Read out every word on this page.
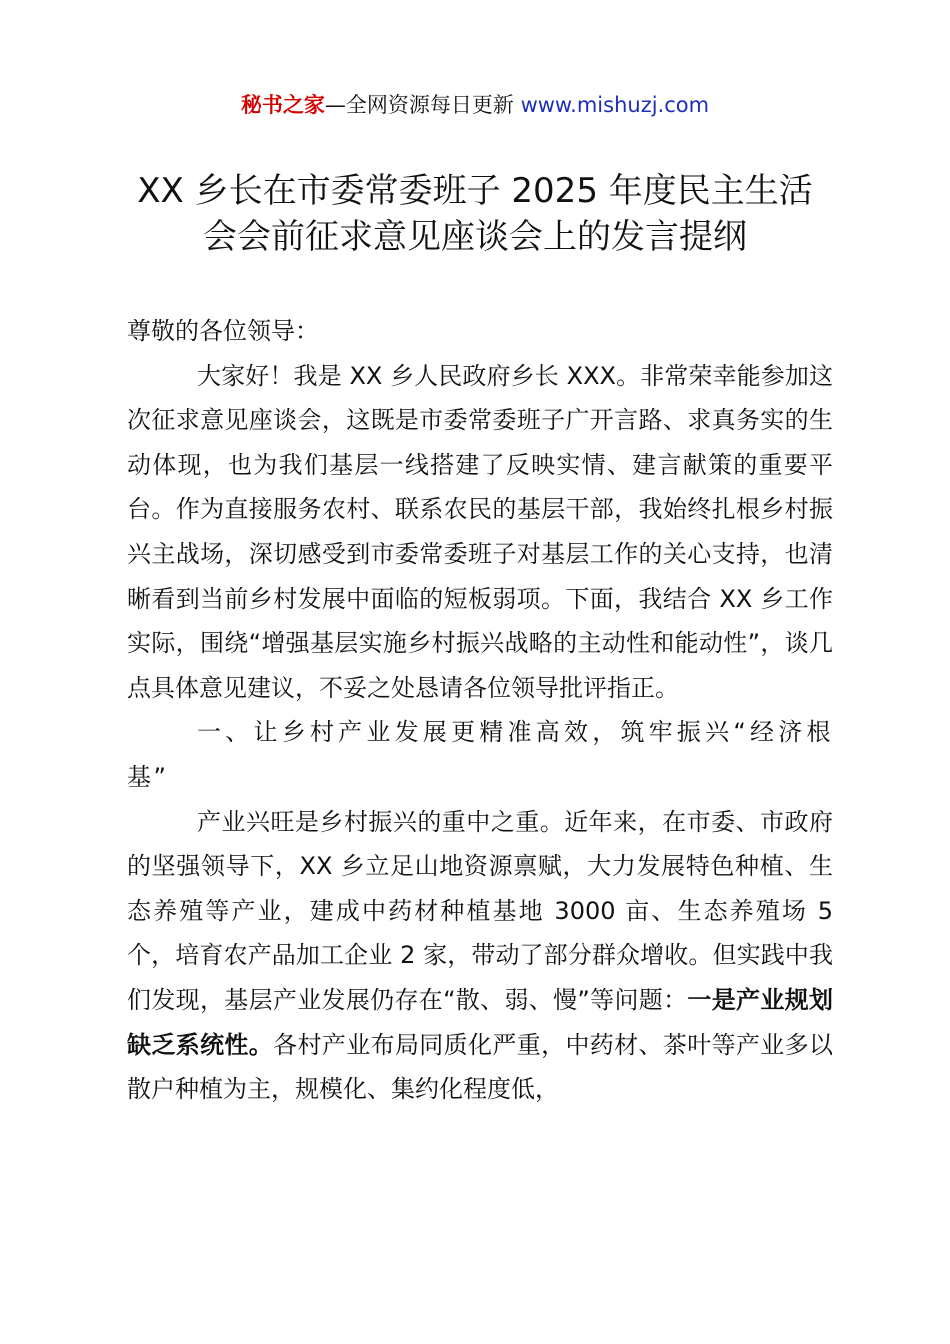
秘书之家—全网资源每日更新 www.mishuzj.com
XX 乡长在市委常委班子 2025 年度民主生活
会会前征求意见座谈会上的发言提纲

尊敬的各位领导：

大家好！我是 XX 乡人民政府乡长 XXX。非常荣幸能参加这次征求意见座谈会，这既是市委常委班子广开言路、求真务实的生动体现，也为我们基层一线搭建了反映实情、建言献策的重要平台。作为直接服务农村、联系农民的基层干部，我始终扎根乡村振兴主战场，深切感受到市委常委班子对基层工作的关心支持，也清晰看到当前乡村发展中面临的短板弱项。下面，我结合 XX 乡工作实际，围绕“增强基层实施乡村振兴战略的主动性和能动性”，谈几点具体意见建议，不妥之处恳请各位领导批评指正。

一、让乡村产业发展更精准高效，筑牢振兴“经济根基”

产业兴旺是乡村振兴的重中之重。近年来，在市委、市政府的坚强领导下，XX 乡立足山地资源禀赋，大力发展特色种植、生态养殖等产业，建成中药材种植基地 3000 亩、生态养殖场 5 个，培育农产品加工企业 2 家，带动了部分群众增收。但实践中我们发现，基层产业发展仍存在“散、弱、慢”等问题：一是产业规划缺乏系统性。各村产业布局同质化严重，中药材、茶叶等产业多以散户种植为主，规模化、集约化程度低，
